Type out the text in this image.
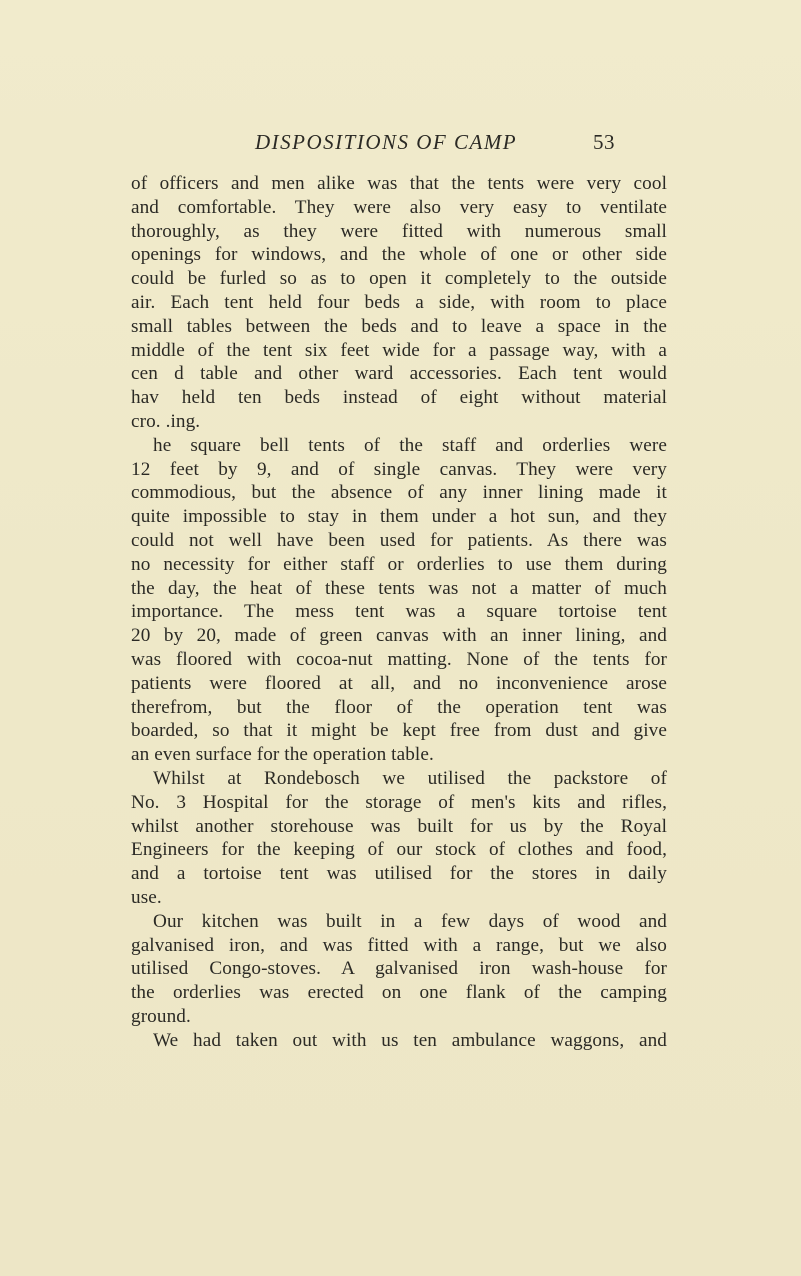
DISPOSITIONS OF CAMP	53
of officers and men alike was that the tents were very cool
and comfortable. They were also very easy to ventilate
thoroughly, as they were fitted with numerous small
openings for windows, and the whole of one or other side
could be furled so as to open it completely to the outside
air. Each tent held four beds a side, with room to place
small tables between the beds and to leave a space in the
middle of the tent six feet wide for a passage way, with a
cen d table and other ward accessories. Each tent would
hav held ten beds instead of eight without material
cro. .ing.
he square bell tents of the staff and orderlies were
12 feet by 9, and of single canvas. They were very
commodious, but the absence of any inner lining made it
quite impossible to stay in them under a hot sun, and they
could not well have been used for patients. As there was
no necessity for either staff or orderlies to use them during
the day, the heat of these tents was not a matter of much
importance. The mess tent was a square tortoise tent
20 by 20, made of green canvas with an inner lining, and
was floored with cocoa-nut matting. None of the tents for
patients were floored at all, and no inconvenience arose
therefrom, but the floor of the operation tent was
boarded, so that it might be kept free from dust and give
an even surface for the operation table.
Whilst at Rondebosch we utilised the packstore of
No. 3 Hospital for the storage of men's kits and rifles,
whilst another storehouse was built for us by the Royal
Engineers for the keeping of our stock of clothes and food,
and a tortoise tent was utilised for the stores in daily
use.
Our kitchen was built in a few days of wood and
galvanised iron, and was fitted with a range, but we also
utilised Congo-stoves. A galvanised iron wash-house for
the orderlies was erected on one flank of the camping
ground.
We had taken out with us ten ambulance waggons, and
